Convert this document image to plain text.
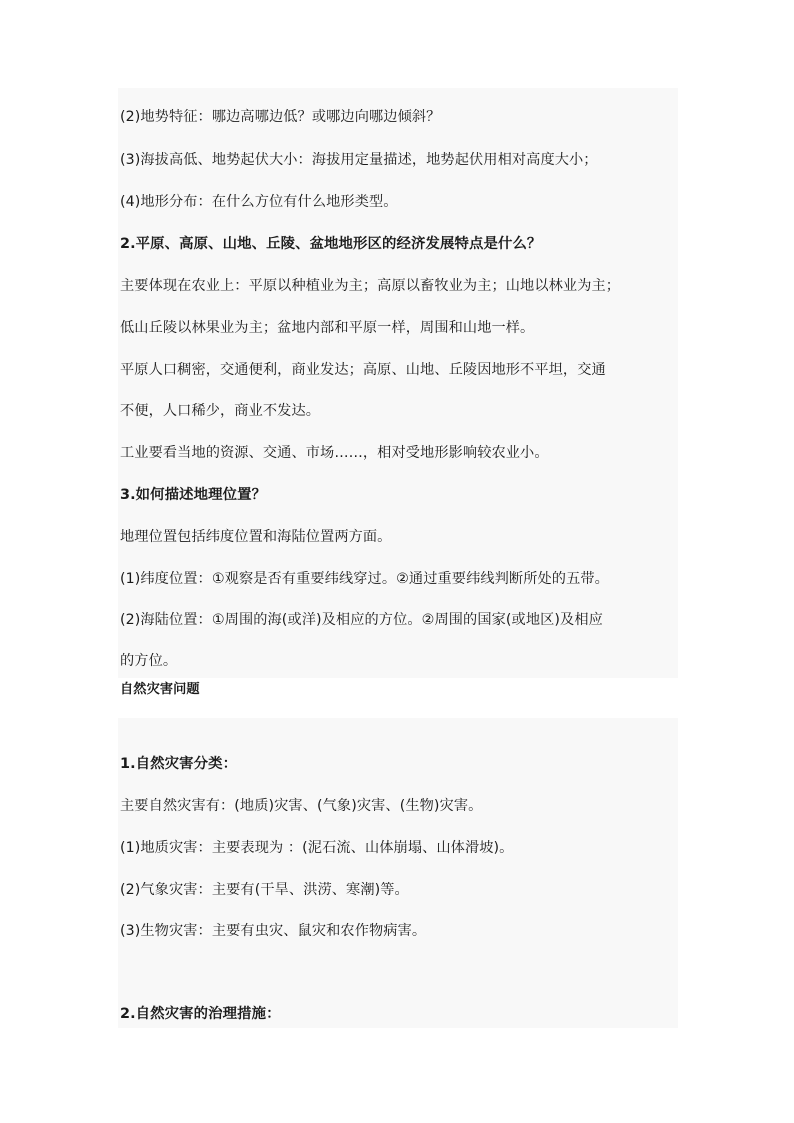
(2)地势特征：哪边高哪边低？或哪边向哪边倾斜？
(3)海拔高低、地势起伏大小：海拔用定量描述，地势起伏用相对高度大小；
(4)地形分布：在什么方位有什么地形类型。
2.平原、高原、山地、丘陵、盆地地形区的经济发展特点是什么？
主要体现在农业上：平原以种植业为主；高原以畜牧业为主；山地以林业为主；
低山丘陵以林果业为主；盆地内部和平原一样，周围和山地一样。
平原人口稠密，交通便利，商业发达；高原、山地、丘陵因地形不平坦，交通
不便，人口稀少，商业不发达。
工业要看当地的资源、交通、市场……，相对受地形影响较农业小。
3.如何描述地理位置？
地理位置包括纬度位置和海陆位置两方面。
(1)纬度位置：①观察是否有重要纬线穿过。②通过重要纬线判断所处的五带。
(2)海陆位置：①周围的海(或洋)及相应的方位。②周围的国家(或地区)及相应
的方位。
自然灾害问题
1.自然灾害分类：
主要自然灾害有：(地质)灾害、(气象)灾害、(生物)灾害。
(1)地质灾害：主要表现为 ：(泥石流、山体崩塌、山体滑坡)。
(2)气象灾害：主要有(干旱、洪涝、寒潮)等。
(3)生物灾害：主要有虫灾、鼠灾和农作物病害。
2.自然灾害的治理措施：
